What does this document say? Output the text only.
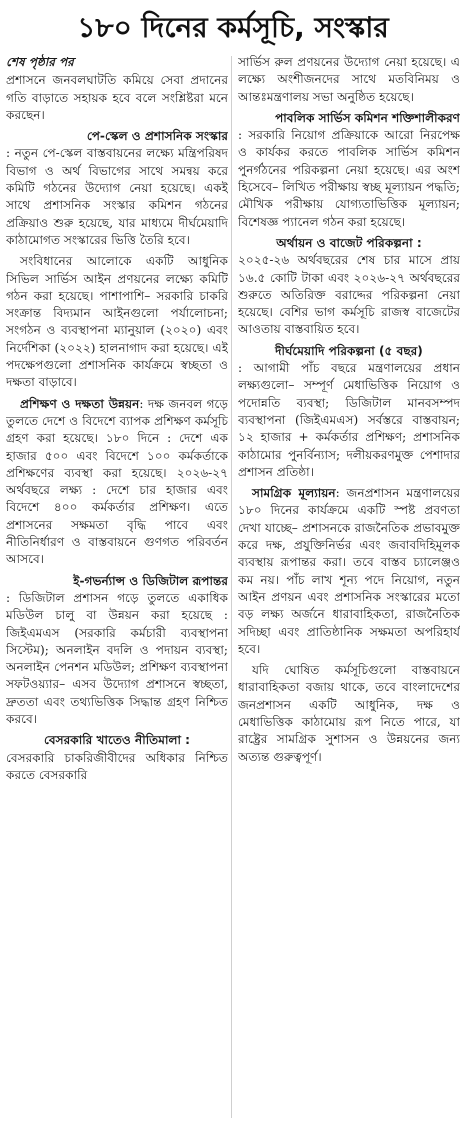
১৮০ দিনের কর্মসূচি, সংস্কার
শেষ পৃষ্ঠার পর

প্রশাসনে জনবলঘাটতি কমিয়ে সেবা প্রদানের গতি বাড়াতে সহায়ক হবে বলে সংশ্লিষ্টরা মনে করছেন।

পে-স্কেল ও প্রশাসনিক সংস্কার

: নতুন পে-স্কেল বাস্তবায়নের লক্ষ্যে মন্ত্রিপরিষদ বিভাগ ও অর্থ বিভাগের সাথে সমন্বয় করে কমিটি গঠনের উদ্যোগ নেয়া হয়েছে। একই সাথে প্রশাসনিক সংস্কার কমিশন গঠনের প্রক্রিয়াও শুরু হয়েছে, যার মাধ্যমে দীর্ঘমেয়াদি কাঠামোগত সংস্কারের ভিত্তি তৈরি হবে।

সংবিধানের আলোকে একটি আধুনিক সিভিল সার্ভিস আইন প্রণয়নের লক্ষ্যে কমিটি গঠন করা হয়েছে। পাশাপাশি– সরকারি চাকরি সংক্রান্ত বিদ্যমান আইনগুলো পর্যালোচনা; সংগঠন ও ব্যবস্থাপনা ম্যানুয়াল (২০২০) এবং নির্দেশিকা (২০২২) হালনাগাদ করা হয়েছে। এই পদক্ষেপগুলো প্রশাসনিক কার্যক্রমে স্বচ্ছতা ও দক্ষতা বাড়াবে।

প্রশিক্ষণ ও দক্ষতা উন্নয়ন: দক্ষ জনবল গড়ে তুলতে দেশে ও বিদেশে ব্যাপক প্রশিক্ষণ কর্মসূচি গ্রহণ করা হয়েছে। ১৮০ দিনে : দেশে এক হাজার ৫০০ এবং বিদেশে ১০০ কর্মকর্তাকে প্রশিক্ষণের ব্যবস্থা করা হয়েছে। ২০২৬-২৭ অর্থবছরে লক্ষ্য : দেশে চার হাজার এবং বিদেশে ৪০০ কর্মকর্তার প্রশিক্ষণ। এতে প্রশাসনের সক্ষমতা বৃদ্ধি পাবে এবং নীতিনির্ধারণ ও বাস্তবায়নে গুণগত পরিবর্তন আসবে।

ই-গভর্ন্যান্স ও ডিজিটাল রূপান্তর

: ডিজিটাল প্রশাসন গড়ে তুলতে একাধিক মডিউল চালু বা উন্নয়ন করা হয়েছে : জিইএমএস (সরকারি কর্মচারী ব্যবস্থাপনা সিস্টেম); অনলাইন বদলি ও পদায়ন ব্যবস্থা; অনলাইন পেনশন মডিউল; প্রশিক্ষণ ব্যবস্থাপনা সফটওয়্যার– এসব উদ্যোগ প্রশাসনে স্বচ্ছতা, দ্রুততা এবং তথ্যভিত্তিক সিদ্ধান্ত গ্রহণ নিশ্চিত করবে।

বেসরকারি খাতেও নীতিমালা :

বেসরকারি চাকরিজীবীদের অধিকার নিশ্চিত করতে বেসরকারি

সার্ভিস রুল প্রণয়নের উদ্যোগ নেয়া হয়েছে। এ লক্ষ্যে অংশীজনদের সাথে মতবিনিময় ও আন্তঃমন্ত্রণালয় সভা অনুষ্ঠিত হয়েছে।

পাবলিক সার্ভিস কমিশন শক্তিশালীকরণ

: সরকারি নিয়োগ প্রক্রিয়াকে আরো নিরপেক্ষ ও কার্যকর করতে পাবলিক সার্ভিস কমিশন পুনর্গঠনের পরিকল্পনা নেয়া হয়েছে। এর অংশ হিসেবে– লিখিত পরীক্ষায় স্বচ্ছ মূল্যায়ন পদ্ধতি; মৌখিক পরীক্ষায় যোগ্যতাভিত্তিক মূল্যায়ন; বিশেষজ্ঞ প্যানেল গঠন করা হয়েছে।

অর্থায়ন ও বাজেট পরিকল্পনা :

২০২৫-২৬ অর্থবছরের শেষ চার মাসে প্রায় ১৬.৫ কোটি টাকা এবং ২০২৬-২৭ অর্থবছরের শুরুতে অতিরিক্ত বরাদ্দের পরিকল্পনা নেয়া হয়েছে। বেশির ভাগ কর্মসূচি রাজস্ব বাজেটের আওতায় বাস্তবায়িত হবে।

দীর্ঘমেয়াদি পরিকল্পনা (৫ বছর)

: আগামী পাঁচ বছরে মন্ত্রণালয়ের প্রধান লক্ষ্যগুলো– সম্পূর্ণ মেধাভিত্তিক নিয়োগ ও পদোন্নতি ব্যবস্থা; ডিজিটাল মানবসম্পদ ব্যবস্থাপনা (জিইএমএস) সর্বস্তরে বাস্তবায়ন; ১২ হাজার + কর্মকর্তার প্রশিক্ষণ; প্রশাসনিক কাঠামোর পুনর্বিন্যাস; দলীয়করণমুক্ত পেশাদার প্রশাসন প্রতিষ্ঠা।

সামগ্রিক মূল্যায়ন: জনপ্রশাসন মন্ত্রণালয়ের ১৮০ দিনের কার্যক্রমে একটি স্পষ্ট প্রবণতা দেখা যাচ্ছে– প্রশাসনকে রাজনৈতিক প্রভাবমুক্ত করে দক্ষ, প্রযুক্তিনির্ভর এবং জবাবদিহিমূলক ব্যবস্থায় রূপান্তর করা। তবে বাস্তব চ্যালেঞ্জও কম নয়। পাঁচ লাখ শূন্য পদে নিয়োগ, নতুন আইন প্রণয়ন এবং প্রশাসনিক সংস্কারের মতো বড় লক্ষ্য অর্জনে ধারাবাহিকতা, রাজনৈতিক সদিচ্ছা এবং প্রাতিষ্ঠানিক সক্ষমতা অপরিহার্য হবে।

যদি ঘোষিত কর্মসূচিগুলো বাস্তবায়নে ধারাবাহিকতা বজায় থাকে, তবে বাংলাদেশের জনপ্রশাসন একটি আধুনিক, দক্ষ ও মেধাভিত্তিক কাঠামোয় রূপ নিতে পারে, যা রাষ্ট্রের সামগ্রিক সুশাসন ও উন্নয়নের জন্য অত্যন্ত গুরুত্বপূর্ণ।
